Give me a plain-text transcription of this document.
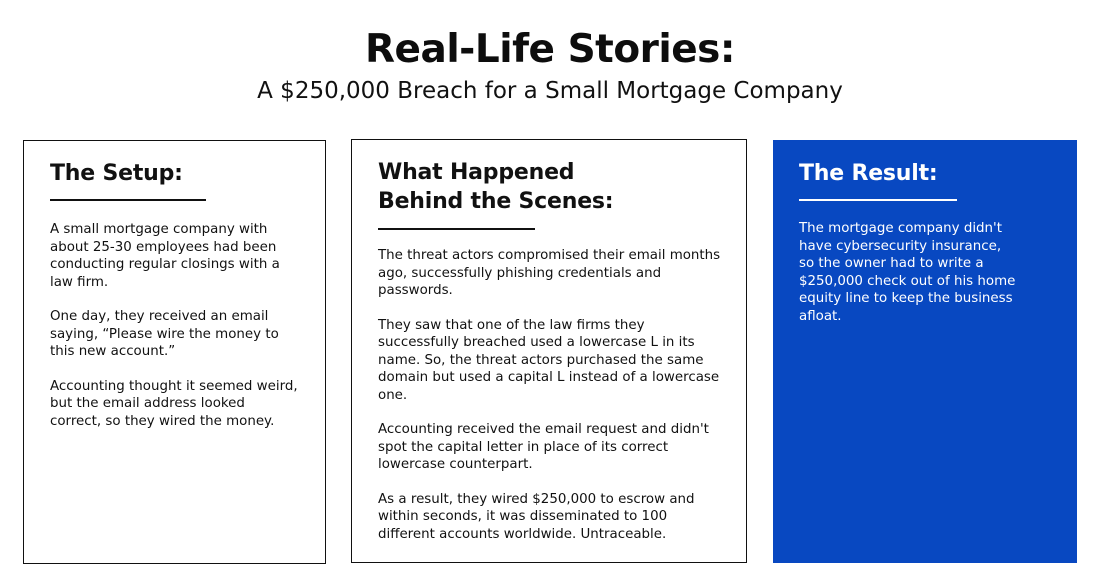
Real-Life Stories:
A $250,000 Breach for a Small Mortgage Company
The Setup:

A small mortgage company with about 25-30 employees had been conducting regular closings with a law firm.

One day, they received an email saying, “Please wire the money to this new account.”

Accounting thought it seemed weird, but the email address looked correct, so they wired the money.

What Happened
Behind the Scenes:

The threat actors compromised their email months ago, successfully phishing credentials and passwords.

They saw that one of the law firms they successfully breached used a lowercase L in its name. So, the threat actors purchased the same domain but used a capital L instead of a lowercase one.

Accounting received the email request and didn't spot the capital letter in place of its correct lowercase counterpart.

As a result, they wired $250,000 to escrow and within seconds, it was disseminated to 100 different accounts worldwide. Untraceable.

The Result:

The mortgage company didn't have cybersecurity insurance, so the owner had to write a $250,000 check out of his home equity line to keep the business afloat.
